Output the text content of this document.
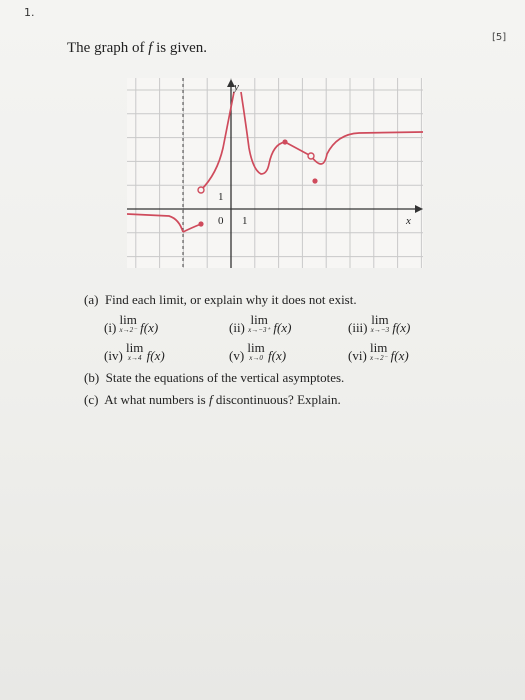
1.
[5]
The graph of f is given.
y
x
0 1
1
(a) Find each limit, or explain why it does not exist.
(i)
lim
x→2⁻ f(x)	(ii)
lim
x→−3⁺ f(x)	(iii)
lim
x→−3 f(x)
(iv)
lim
x→4 f(x)	(v)
lim
x→0 f(x)	(vi)
lim
x→2⁻ f(x)
(b) State the equations of the vertical asymptotes.
(c) At what numbers is f discontinuous? Explain.
